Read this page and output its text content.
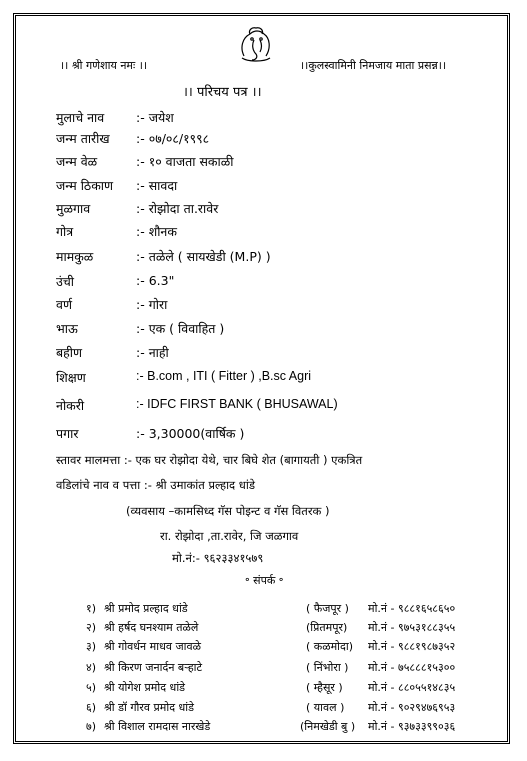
।। श्री गणेशाय नमः ।।	।।कुलस्वामिनी निमजाय माता प्रसन्न।।
।। परिचय पत्र ।।
मुलाचे नाव	:- जयेश
जन्म तारीख :- ०७/०८/१९९८
जन्म वेळ	:- १० वाजता सकाळी
जन्म ठिकाण :- सावदा
मुळगाव	:- रोझोदा ता.रावेर
गोत्र	:- शौनक
मामकुळ	:- तळेले ( सायखेडी (M.P) )
उंची	:- 6.3"
वर्ण	:- गोरा
भाऊ	:- एक ( विवाहित )
बहीण	:- नाही
शिक्षण	:- B.com , ITI ( Fitter ) ,B.sc Agri
नोकरी	:- IDFC FIRST BANK ( BHUSAWAL)
पगार	:- 3,30000(वार्षिक )
स्तावर मालमत्ता :- एक घर रोझोदा येथे, चार बिघे शेत (बागायती ) एकत्रित
वडिलांचे नाव व पत्ता :- श्री उमाकांत प्रल्हाद धांडे
(व्यवसाय –कामसिध्द गॅस पोइन्ट व गॅस वितरक )
रा. रोझोदा ,ता.रावेर, जि जळगाव
मो.नं:- ९६२३३४१५७९
॰ संपर्क ॰
१) श्री प्रमोद प्रल्हाद धांडे	( फैजपूर ) मो.नं - ९८८१६५८६५०
२) श्री हर्षद घनश्याम तळेले	(प्रितमपूर) मो.नं - ९७५३१८८३५५
३) श्री गोवर्धन माधव जावळे	( कळमोदा) मो.नं - ९८८१९८७३५२
४) श्री किरण जनार्दन बऱ्हाटे	( निंभोरा ) मो.नं - ७५८८८१५३००
५) श्री योगेश प्रमोद धांडे	( म्हैसूर ) मो.नं - ८८०५५१४८३५
६) श्री डॉ गौरव प्रमोद धांडे	( यावल ) मो.नं - ९०२९४७६९५३
७) श्री विशाल रामदास नारखेडे	(निमखेडी बु ) मो.नं - ९३७३३९९०३६
